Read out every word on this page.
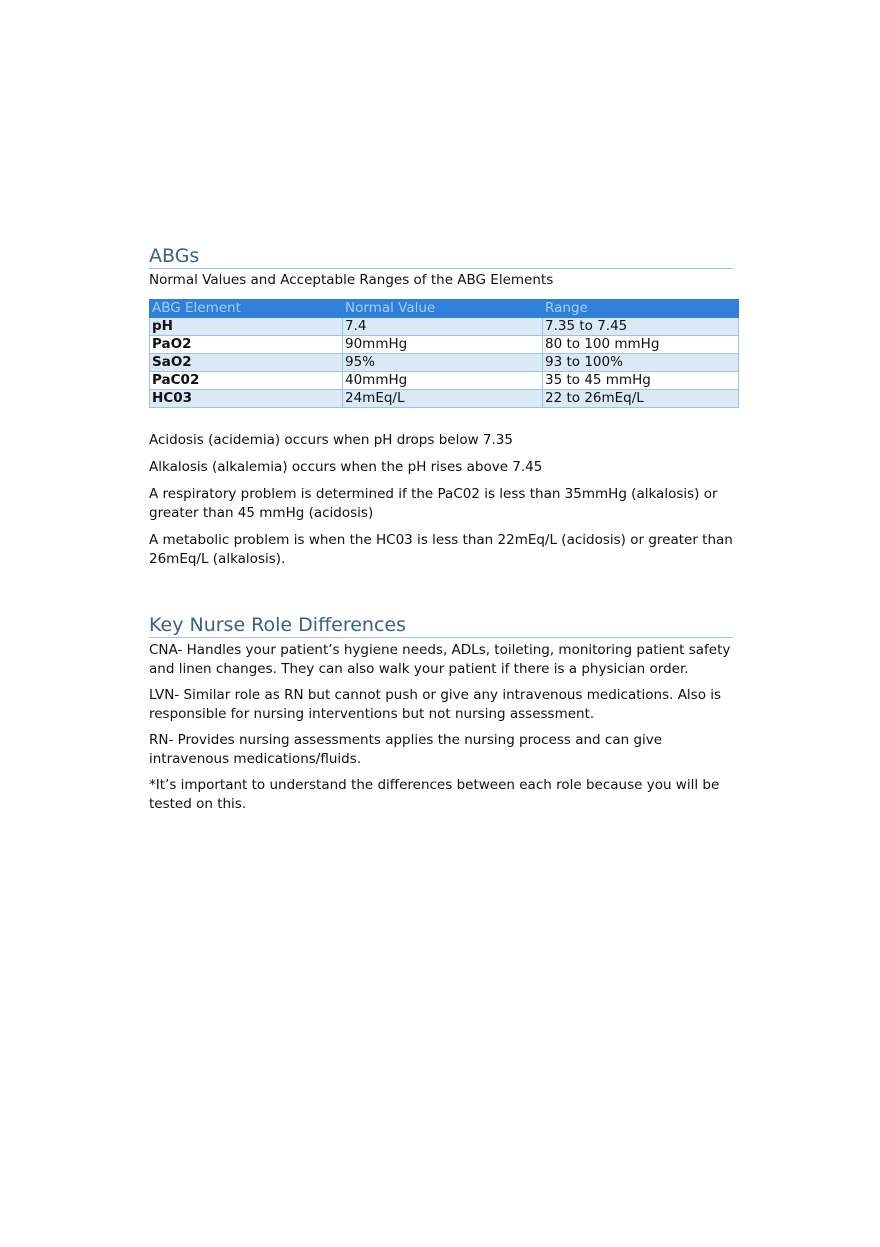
ABGs

Normal Values and Acceptable Ranges of the ABG Elements

ABG Element	Normal Value	Range
pH	7.4	7.35 to 7.45
PaO2	90mmHg	80 to 100 mmHg
SaO2	95%	93 to 100%
PaC02	40mmHg	35 to 45 mmHg
HC03	24mEq/L	22 to 26mEq/L

Acidosis (acidemia) occurs when pH drops below 7.35

Alkalosis (alkalemia) occurs when the pH rises above 7.45

A respiratory problem is determined if the PaC02 is less than 35mmHg (alkalosis) or greater than 45 mmHg (acidosis)

A metabolic problem is when the HC03 is less than 22mEq/L (acidosis) or greater than 26mEq/L (alkalosis).

Key Nurse Role Differences

CNA- Handles your patient’s hygiene needs, ADLs, toileting, monitoring patient safety and linen changes. They can also walk your patient if there is a physician order.

LVN- Similar role as RN but cannot push or give any intravenous medications. Also is responsible for nursing interventions but not nursing assessment.

RN- Provides nursing assessments applies the nursing process and can give intravenous medications/fluids.

*It’s important to understand the differences between each role because you will be tested on this.
